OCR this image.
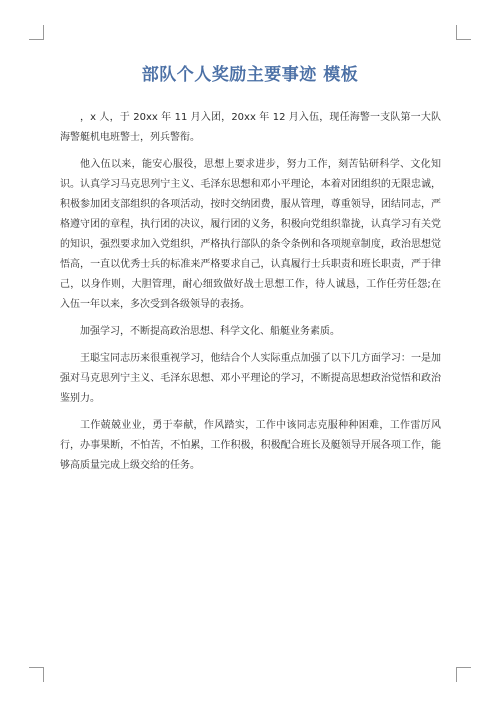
部队个人奖励主要事迹 模板

，x 人，于 20xx 年 11 月入团，20xx 年 12 月入伍，现任海警一支队第一大队海警艇机电班警士，列兵警衔。

他入伍以来，能安心服役，思想上要求进步，努力工作，刻苦钻研科学、文化知识。认真学习马克思列宁主义、毛泽东思想和邓小平理论，本着对团组织的无限忠诚，积极参加团支部组织的各项活动，按时交纳团费，服从管理，尊重领导，团结同志，严格遵守团的章程，执行团的决议，履行团的义务，积极向党组织靠拢，认真学习有关党的知识，强烈要求加入党组织，严格执行部队的条令条例和各项规章制度，政治思想觉悟高，一直以优秀士兵的标准来严格要求自己，认真履行士兵职责和班长职责，严于律己，以身作则，大胆管理，耐心细致做好战士思想工作，待人诚恳，工作任劳任怨;在入伍一年以来，多次受到各级领导的表扬。

加强学习，不断提高政治思想、科学文化、船艇业务素质。

王聪宝同志历来很重视学习，他结合个人实际重点加强了以下几方面学习：一是加强对马克思列宁主义、毛泽东思想、邓小平理论的学习，不断提高思想政治觉悟和政治鉴别力。

工作兢兢业业，勇于奉献，作风踏实，工作中该同志克服种种困难，工作雷厉风行，办事果断，不怕苦，不怕累，工作积极，积极配合班长及艇领导开展各项工作，能够高质量完成上级交给的任务。
